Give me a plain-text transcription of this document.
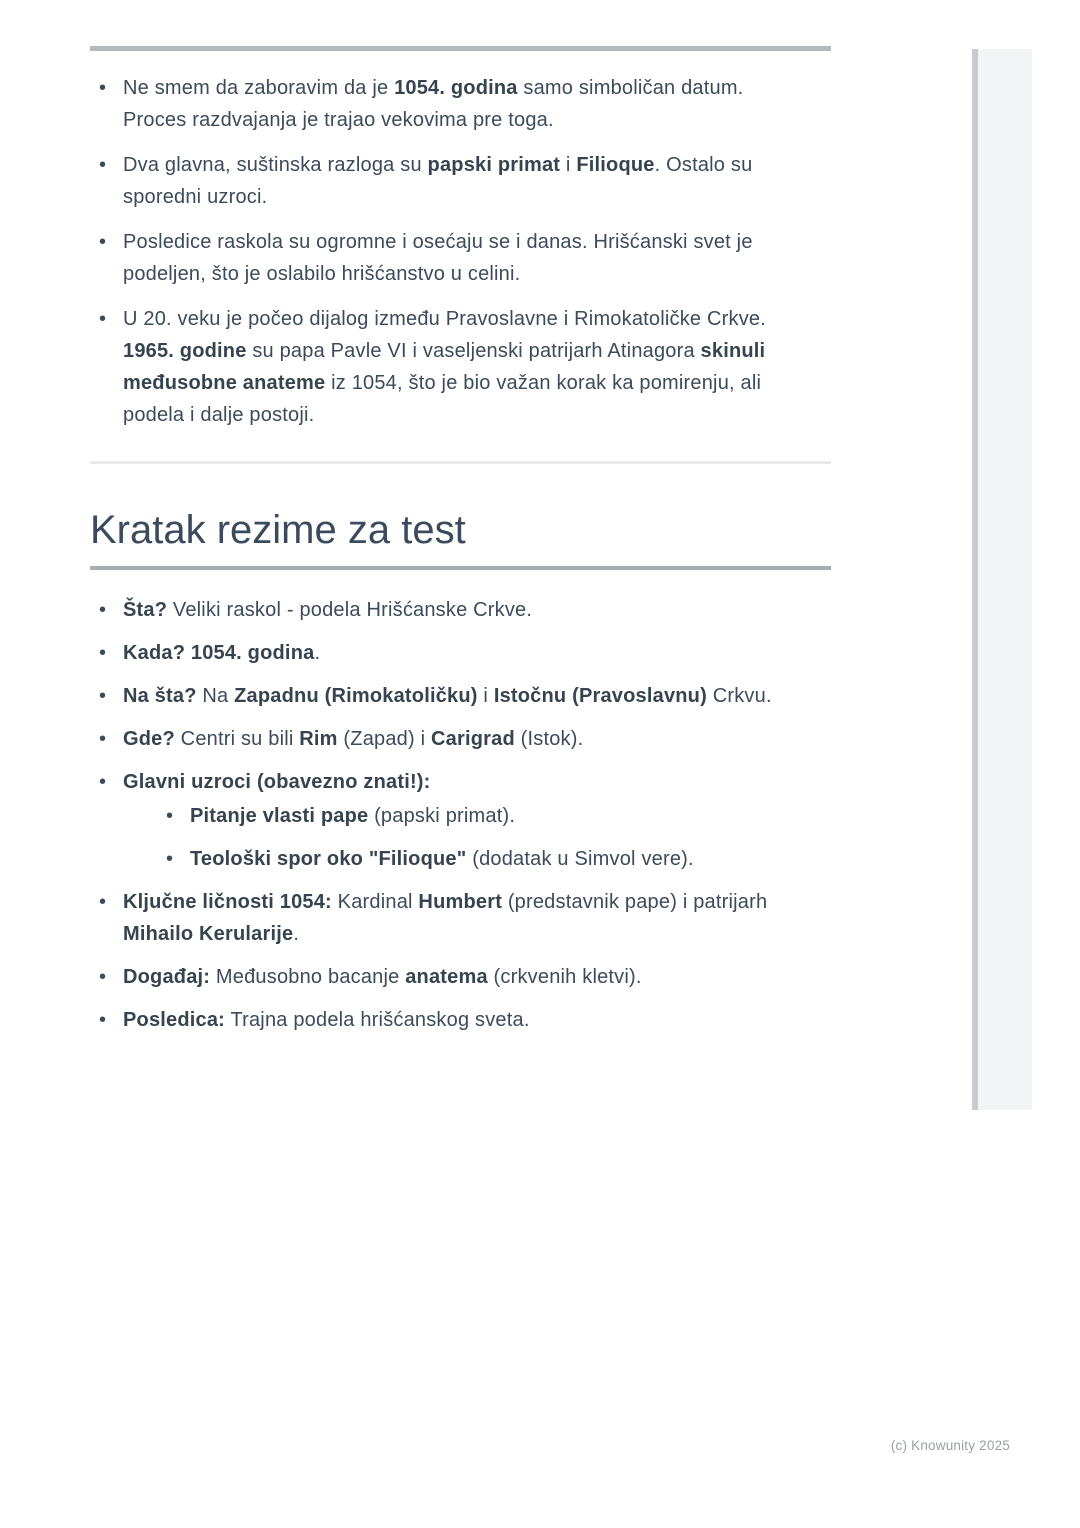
• Ne smem da zaboravim da je 1054. godina samo simboličan datum.
Proces razdvajanja je trajao vekovima pre toga.
• Dva glavna, suštinska razloga su papski primat i Filioque. Ostalo su
sporedni uzroci.
• Posledice raskola su ogromne i osećaju se i danas. Hrišćanski svet je
podeljen, što je oslabilo hrišćanstvo u celini.
• U 20. veku je počeo dijalog između Pravoslavne i Rimokatoličke Crkve.
1965. godine su papa Pavle VI i vaseljenski patrijarh Atinagora skinuli
međusobne anateme iz 1054, što je bio važan korak ka pomirenju, ali
podela i dalje postoji.
Kratak rezime za test
• Šta? Veliki raskol - podela Hrišćanske Crkve.
• Kada? 1054. godina.
• Na šta? Na Zapadnu (Rimokatoličku) i Istočnu (Pravoslavnu) Crkvu.
• Gde? Centri su bili Rim (Zapad) i Carigrad (Istok).
• Glavni uzroci (obavezno znati!):
• Pitanje vlasti pape (papski primat).
• Teološki spor oko "Filioque" (dodatak u Simvol vere).
• Ključne ličnosti 1054: Kardinal Humbert (predstavnik pape) i patrijarh
Mihailo Kerularije.
• Događaj: Međusobno bacanje anatema (crkvenih kletvi).
• Posledica: Trajna podela hrišćanskog sveta.
(c) Knowunity 2025
